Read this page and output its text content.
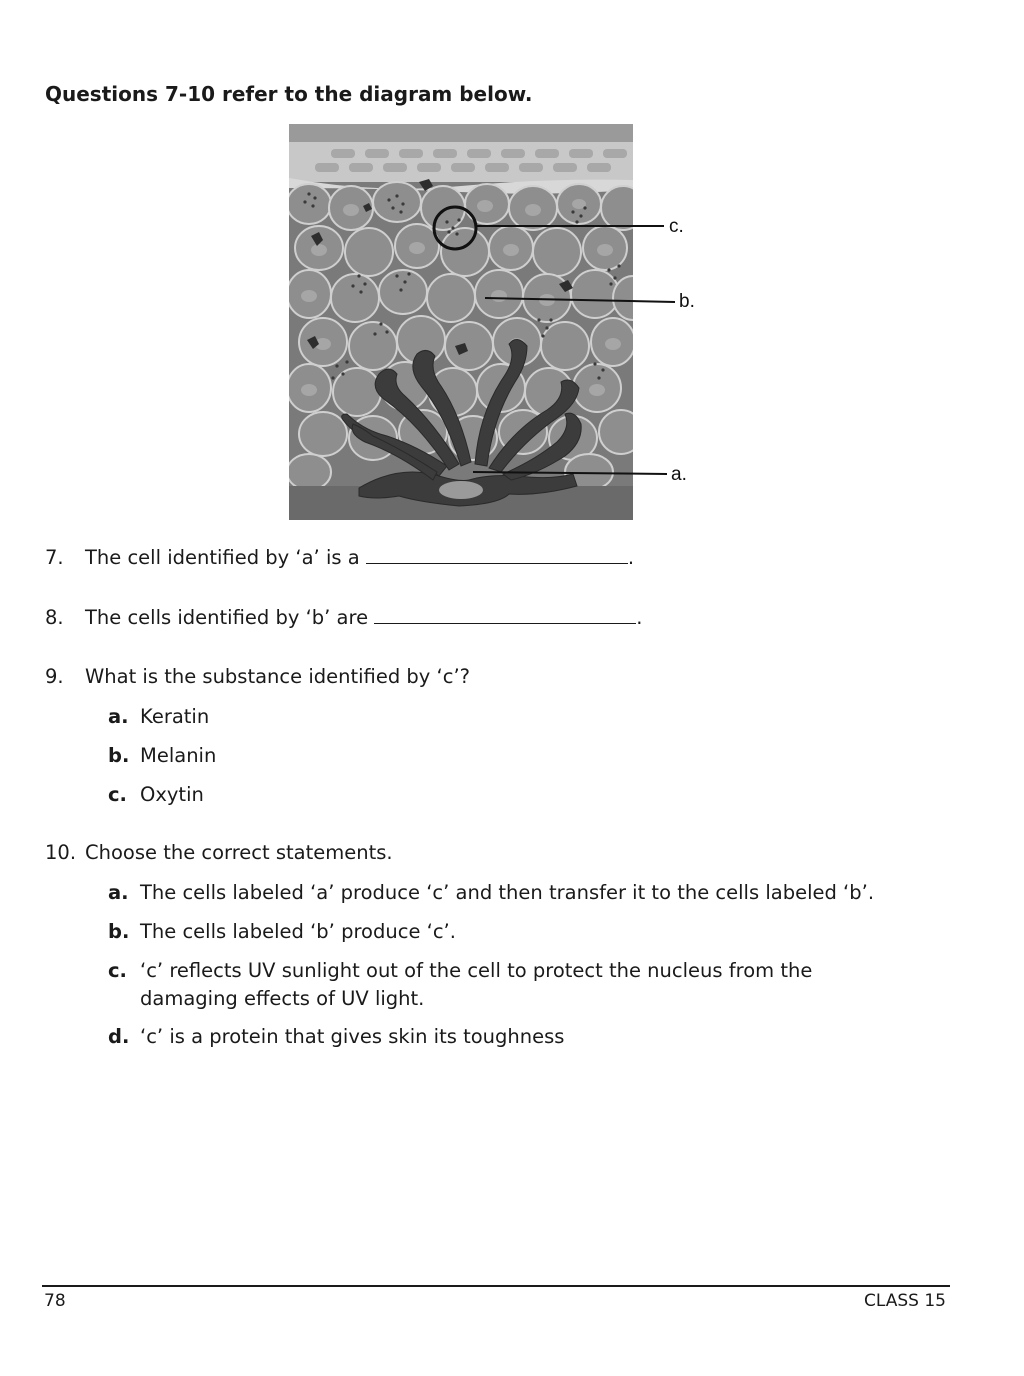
Questions 7-10 refer to the diagram below.
c.
b.
a.
7. The cell identified by ‘a’ is a	.
8. The cells identified by ‘b’ are	.
9. What is the substance identified by ‘c’?
a. Keratin
b. Melanin
c. Oxytin
10. Choose the correct statements.
a. The cells labeled ‘a’ produce ‘c’ and then transfer it to the cells labeled ‘b’.
b. The cells labeled ‘b’ produce ‘c’.
c. ‘c’ reflects UV sunlight out of the cell to protect the nucleus from the damaging effects of UV light.
d. ‘c’ is a protein that gives skin its toughness
78	CLASS 15
